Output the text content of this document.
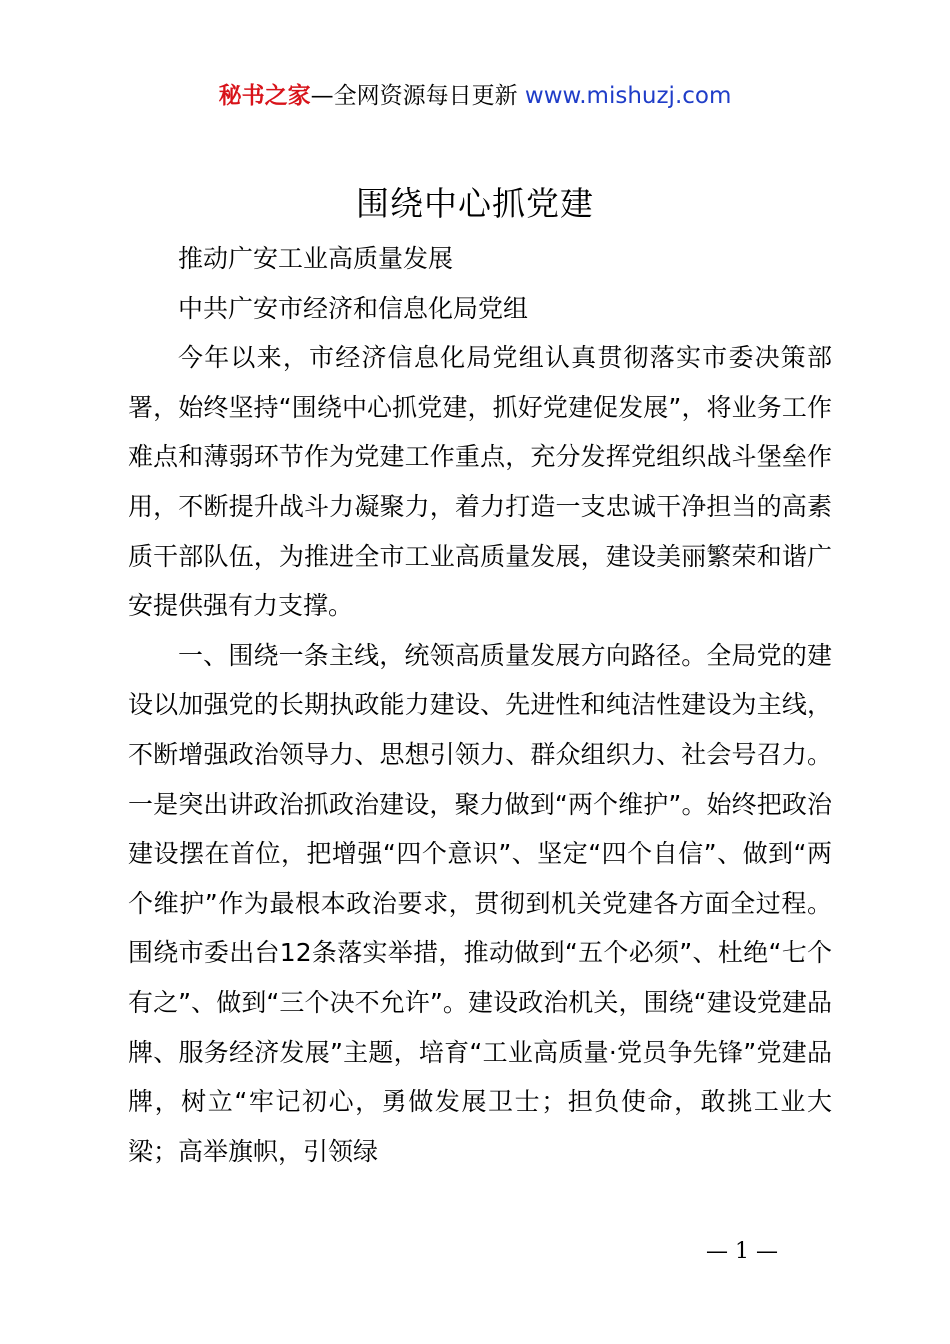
秘书之家—全网资源每日更新 www.mishuzj.com
围绕中心抓党建

推动广安工业高质量发展

中共广安市经济和信息化局党组

今年以来，市经济信息化局党组认真贯彻落实市委决策部署，始终坚持“围绕中心抓党建，抓好党建促发展”，将业务工作难点和薄弱环节作为党建工作重点，充分发挥党组织战斗堡垒作用，不断提升战斗力凝聚力，着力打造一支忠诚干净担当的高素质干部队伍，为推进全市工业高质量发展，建设美丽繁荣和谐广安提供强有力支撑。

一、围绕一条主线，统领高质量发展方向路径。全局党的建设以加强党的长期执政能力建设、先进性和纯洁性建设为主线，不断增强政治领导力、思想引领力、群众组织力、社会号召力。一是突出讲政治抓政治建设，聚力做到“两个维护”。始终把政治建设摆在首位，把增强“四个意识”、坚定“四个自信”、做到“两个维护”作为最根本政治要求，贯彻到机关党建各方面全过程。围绕市委出台12条落实举措，推动做到“五个必须”、杜绝“七个有之”、做到“三个决不允许”。建设政治机关，围绕“建设党建品牌、服务经济发展”主题，培育“工业高质量·党员争先锋”党建品牌，树立“牢记初心，勇做发展卫士；担负使命，敢挑工业大梁；高举旗帜，引领绿

— 1 —
